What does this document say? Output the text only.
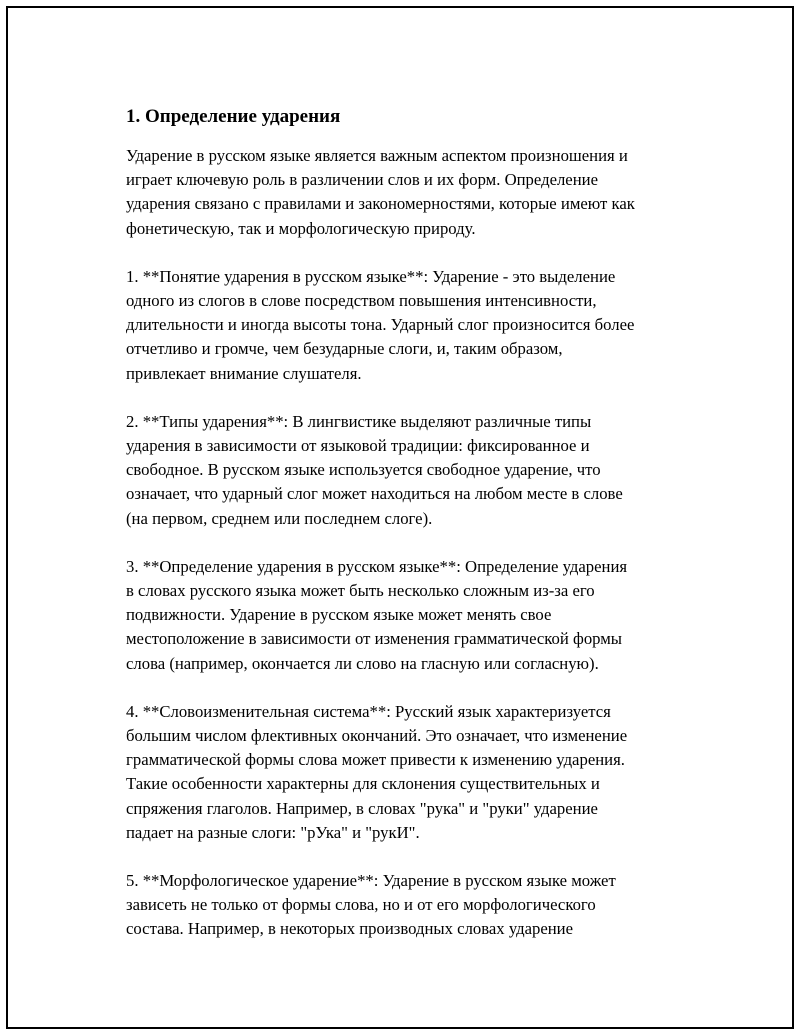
1. Определение ударения

Ударение в русском языке является важным аспектом произношения и
играет ключевую роль в различении слов и их форм. Определение
ударения связано с правилами и закономерностями, которые имеют как
фонетическую, так и морфологическую природу.

1. **Понятие ударения в русском языке**: Ударение - это выделение
одного из слогов в слове посредством повышения интенсивности,
длительности и иногда высоты тона. Ударный слог произносится более
отчетливо и громче, чем безударные слоги, и, таким образом,
привлекает внимание слушателя.

2. **Типы ударения**: В лингвистике выделяют различные типы
ударения в зависимости от языковой традиции: фиксированное и
свободное. В русском языке используется свободное ударение, что
означает, что ударный слог может находиться на любом месте в слове
(на первом, среднем или последнем слоге).

3. **Определение ударения в русском языке**: Определение ударения
в словах русского языка может быть несколько сложным из-за его
подвижности. Ударение в русском языке может менять свое
местоположение в зависимости от изменения грамматической формы
слова (например, окончается ли слово на гласную или согласную).

4. **Словоизменительная система**: Русский язык характеризуется
большим числом флективных окончаний. Это означает, что изменение
грамматической формы слова может привести к изменению ударения.
Такие особенности характерны для склонения существительных и
спряжения глаголов. Например, в словах "рука" и "руки" ударение
падает на разные слоги: "рУка" и "рукИ".

5. **Морфологическое ударение**: Ударение в русском языке может
зависеть не только от формы слова, но и от его морфологического
состава. Например, в некоторых производных словах ударение
